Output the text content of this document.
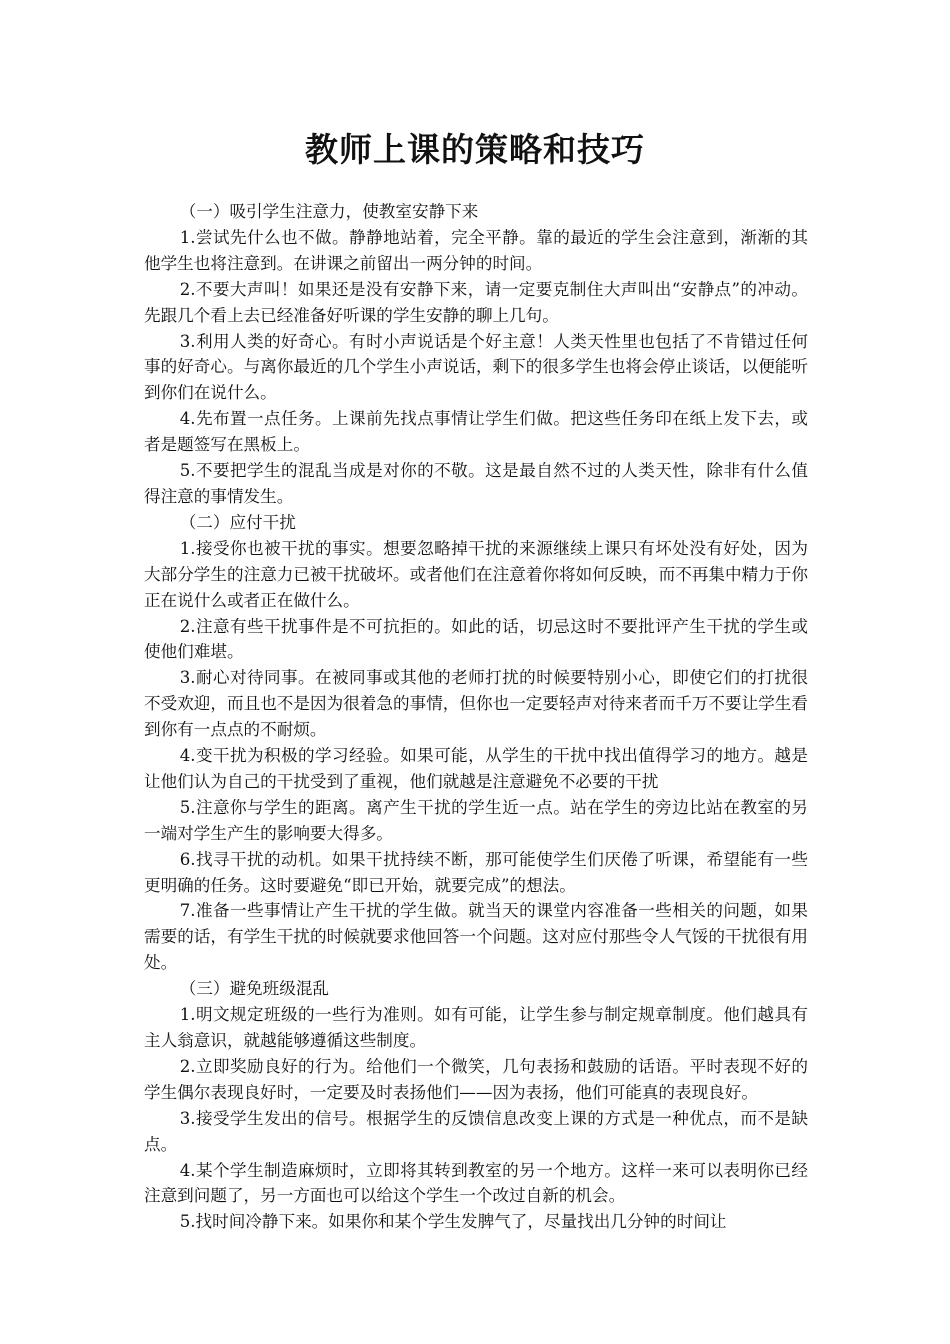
教师上课的策略和技巧

（一）吸引学生注意力，使教室安静下来

1.尝试先什么也不做。静静地站着，完全平静。靠的最近的学生会注意到，渐渐的其他学生也将注意到。在讲课之前留出一两分钟的时间。

2.不要大声叫！如果还是没有安静下来，请一定要克制住大声叫出“安静点”的冲动。先跟几个看上去已经准备好听课的学生安静的聊上几句。

3.利用人类的好奇心。有时小声说话是个好主意！人类天性里也包括了不肯错过任何事的好奇心。与离你最近的几个学生小声说话，剩下的很多学生也将会停止谈话，以便能听到你们在说什么。

4.先布置一点任务。上课前先找点事情让学生们做。把这些任务印在纸上发下去，或者是题签写在黑板上。

5.不要把学生的混乱当成是对你的不敬。这是最自然不过的人类天性，除非有什么值得注意的事情发生。

（二）应付干扰

1.接受你也被干扰的事实。想要忽略掉干扰的来源继续上课只有坏处没有好处，因为大部分学生的注意力已被干扰破坏。或者他们在注意着你将如何反映，而不再集中精力于你正在说什么或者正在做什么。

2.注意有些干扰事件是不可抗拒的。如此的话，切忌这时不要批评产生干扰的学生或使他们难堪。

3.耐心对待同事。在被同事或其他的老师打扰的时候要特别小心，即使它们的打扰很不受欢迎，而且也不是因为很着急的事情，但你也一定要轻声对待来者而千万不要让学生看到你有一点点的不耐烦。

4.变干扰为积极的学习经验。如果可能，从学生的干扰中找出值得学习的地方。越是让他们认为自己的干扰受到了重视，他们就越是注意避免不必要的干扰

5.注意你与学生的距离。离产生干扰的学生近一点。站在学生的旁边比站在教室的另一端对学生产生的影响要大得多。

6.找寻干扰的动机。如果干扰持续不断，那可能使学生们厌倦了听课，希望能有一些更明确的任务。这时要避免“即已开始，就要完成”的想法。

7.准备一些事情让产生干扰的学生做。就当天的课堂内容准备一些相关的问题，如果需要的话，有学生干扰的时候就要求他回答一个问题。这对应付那些令人气馁的干扰很有用处。

（三）避免班级混乱

1.明文规定班级的一些行为准则。如有可能，让学生参与制定规章制度。他们越具有主人翁意识，就越能够遵循这些制度。

2.立即奖励良好的行为。给他们一个微笑，几句表扬和鼓励的话语。平时表现不好的学生偶尔表现良好时，一定要及时表扬他们——因为表扬，他们可能真的表现良好。

3.接受学生发出的信号。根据学生的反馈信息改变上课的方式是一种优点，而不是缺点。

4.某个学生制造麻烦时，立即将其转到教室的另一个地方。这样一来可以表明你已经注意到问题了，另一方面也可以给这个学生一个改过自新的机会。

5.找时间冷静下来。如果你和某个学生发脾气了，尽量找出几分钟的时间让
